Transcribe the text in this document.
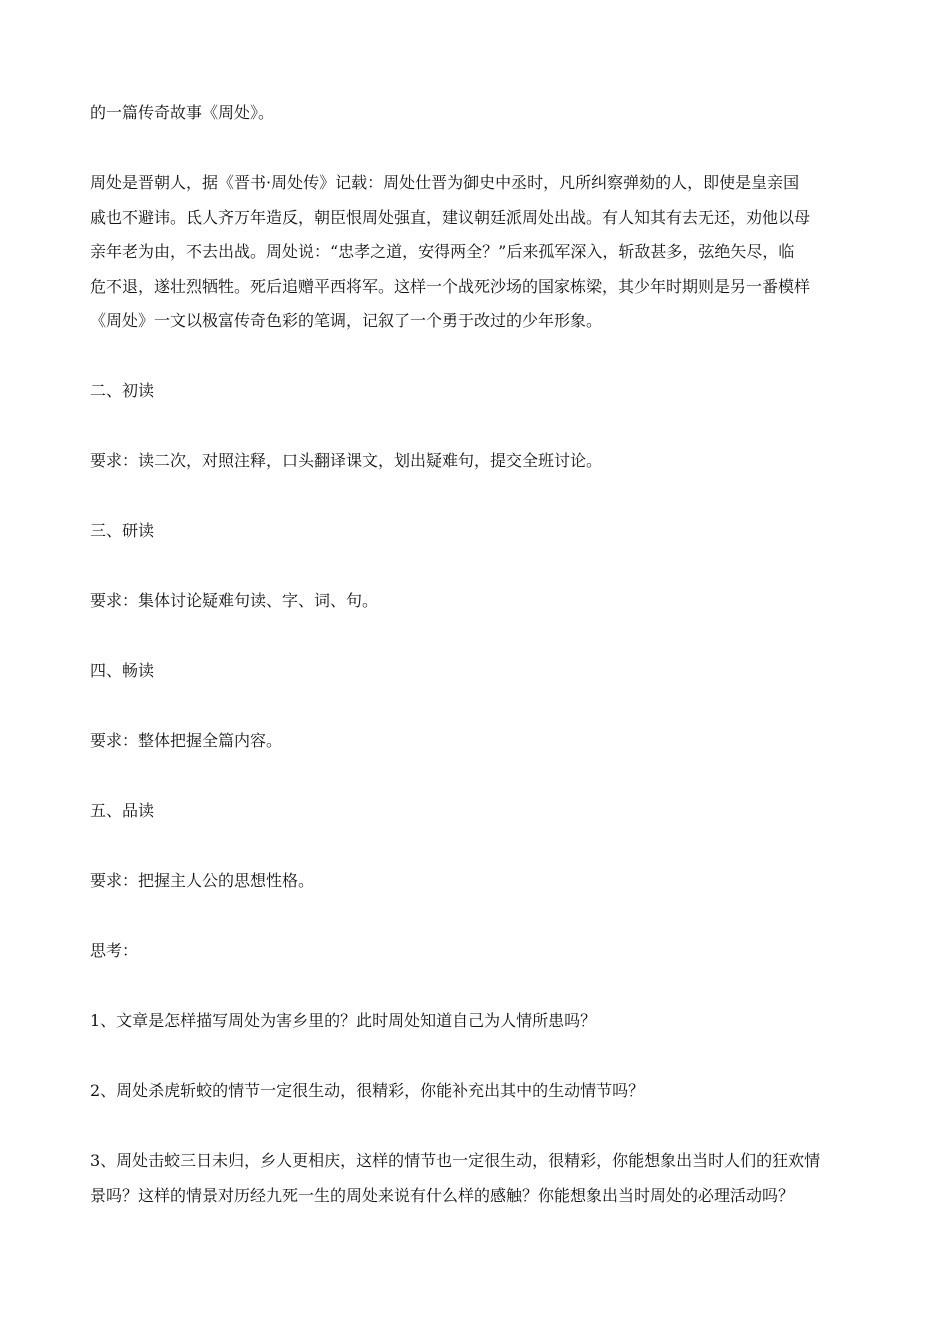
的一篇传奇故事《周处》。

周处是晋朝人，据《晋书·周处传》记载：周处仕晋为御史中丞时，凡所纠察弹劾的人，即使是皇亲国
戚也不避讳。氐人齐万年造反，朝臣恨周处强直，建议朝廷派周处出战。有人知其有去无还，劝他以母
亲年老为由，不去出战。周处说：“忠孝之道，安得两全？”后来孤军深入，斩敌甚多，弦绝矢尽，临
危不退，遂壮烈牺牲。死后追赠平西将军。这样一个战死沙场的国家栋梁，其少年时期则是另一番模样
《周处》一文以极富传奇色彩的笔调，记叙了一个勇于改过的少年形象。

二、初读

要求：读二次，对照注释，口头翻译课文，划出疑难句，提交全班讨论。

三、研读

要求：集体讨论疑难句读、字、词、句。

四、畅读

要求：整体把握全篇内容。

五、品读

要求：把握主人公的思想性格。

思考：

1、文章是怎样描写周处为害乡里的？此时周处知道自己为人情所患吗？

2、周处杀虎斩蛟的情节一定很生动，很精彩，你能补充出其中的生动情节吗？

3、周处击蛟三日未归，乡人更相庆，这样的情节也一定很生动，很精彩，你能想象出当时人们的狂欢情
景吗？这样的情景对历经九死一生的周处来说有什么样的感触？你能想象出当时周处的必理活动吗？
